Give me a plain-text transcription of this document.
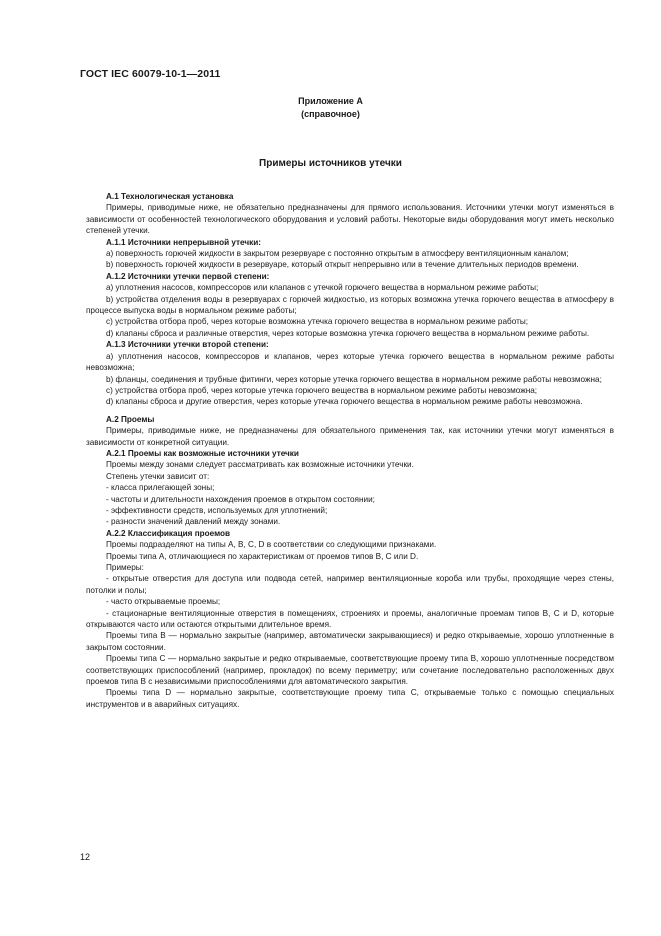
ГОСТ IEC 60079-10-1—2011
Приложение А
(справочное)
Примеры источников утечки

А.1 Технологическая установка

Примеры, приводимые ниже, не обязательно предназначены для прямого использования. Источники утечки могут изменяться в зависимости от особенностей технологического оборудования и условий работы. Некоторые виды оборудования могут иметь несколько степеней утечки.

А.1.1 Источники непрерывной утечки:

а) поверхность горючей жидкости в закрытом резервуаре с постоянно открытым в атмосферу вентиляционным каналом;

b) поверхность горючей жидкости в резервуаре, который открыт непрерывно или в течение длительных периодов времени.

А.1.2 Источники утечки первой степени:

а) уплотнения насосов, компрессоров или клапанов с утечкой горючего вещества в нормальном режиме работы;

b) устройства отделения воды в резервуарах с горючей жидкостью, из которых возможна утечка горючего вещества в атмосферу в процессе выпуска воды в нормальном режиме работы;

с) устройства отбора проб, через которые возможна утечка горючего вещества в нормальном режиме работы;

d) клапаны сброса и различные отверстия, через которые возможна утечка горючего вещества в нормальном режиме работы.

А.1.3 Источники утечки второй степени:

а) уплотнения насосов, компрессоров и клапанов, через которые утечка горючего вещества в нормальном режиме работы невозможна;

b) фланцы, соединения и трубные фитинги, через которые утечка горючего вещества в нормальном режиме работы невозможна;

с) устройства отбора проб, через которые утечка горючего вещества в нормальном режиме работы невозможна;

d) клапаны сброса и другие отверстия, через которые утечка горючего вещества в нормальном режиме работы невозможна.

А.2 Проемы

Примеры, приводимые ниже, не предназначены для обязательного применения так, как источники утечки могут изменяться в зависимости от конкретной ситуации.

А.2.1 Проемы как возможные источники утечки

Проемы между зонами следует рассматривать как возможные источники утечки.

Степень утечки зависит от:

- класса прилегающей зоны;

- частоты и длительности нахождения проемов в открытом состоянии;

- эффективности средств, используемых для уплотнений;

- разности значений давлений между зонами.

А.2.2 Классификация проемов

Проемы подразделяют на типы А, В, С, D в соответствии со следующими признаками.

Проемы типа А, отличающиеся по характеристикам от проемов типов В, С или D.

Примеры:

- открытые отверстия для доступа или подвода сетей, например вентиляционные короба или трубы, проходящие через стены, потолки и полы;

- часто открываемые проемы;

- стационарные вентиляционные отверстия в помещениях, строениях и проемы, аналогичные проемам типов В, С и D, которые открываются часто или остаются открытыми длительное время.

Проемы типа В — нормально закрытые (например, автоматически закрывающиеся) и редко открываемые, хорошо уплотненные в закрытом состоянии.

Проемы типа С — нормально закрытые и редко открываемые, соответствующие проему типа В, хорошо уплотненные посредством соответствующих приспособлений (например, прокладок) по всему периметру; или сочетание последовательно расположенных двух проемов типа В с независимыми приспособлениями для автоматического закрытия.

Проемы типа D — нормально закрытые, соответствующие проему типа С, открываемые только с помощью специальных инструментов и в аварийных ситуациях.

12
